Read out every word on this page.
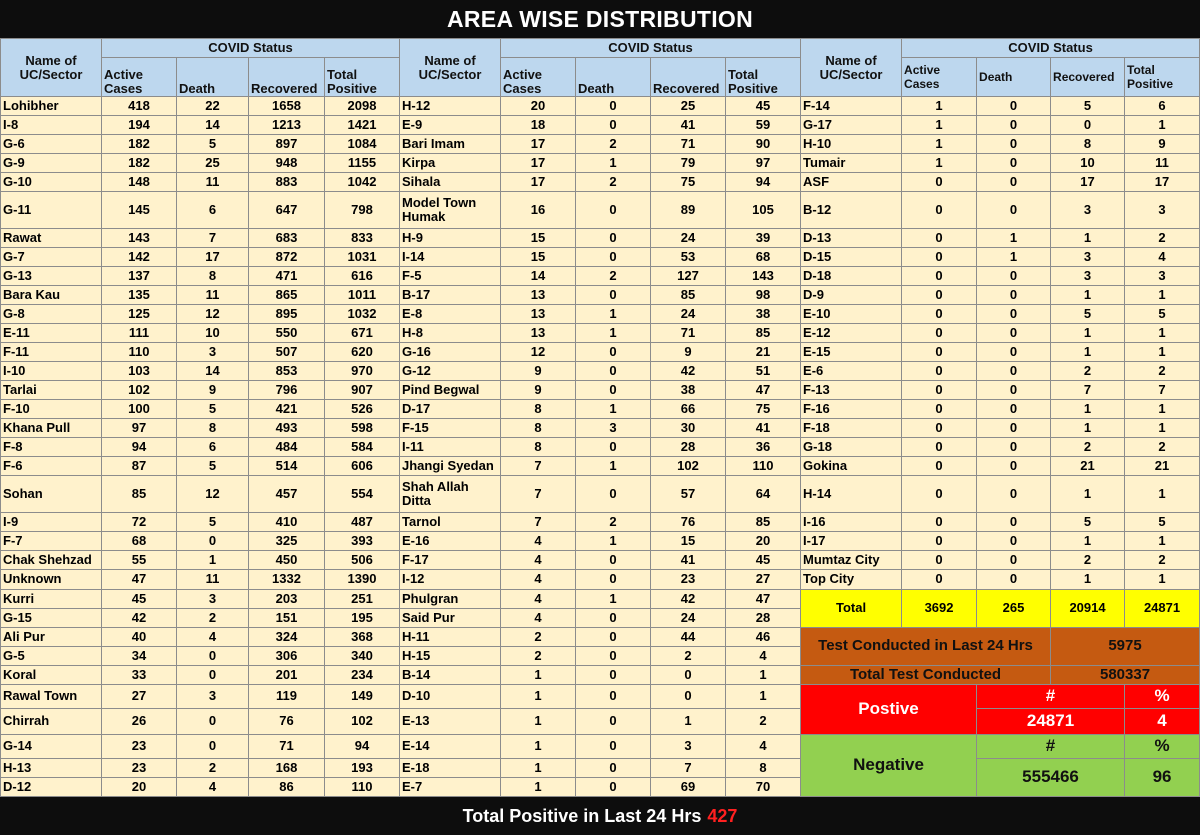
AREA WISE DISTRIBUTION
Name of UC/Sector	COVID Status				Name of UC/Sector	COVID Status				Name of UC/Sector	COVID Status			
	Active Cases	Death	Recovered	Total Positive		Active Cases	Death	Recovered	Total Positive		Active Cases	Death	Recovered	Total Positive
Lohibher	418	22	1658	2098	H-12	20	0	25	45	F-14	1	0	5	6
I-8	194	14	1213	1421	E-9	18	0	41	59	G-17	1	0	0	1
G-6	182	5	897	1084	Bari Imam	17	2	71	90	H-10	1	0	8	9
G-9	182	25	948	1155	Kirpa	17	1	79	97	Tumair	1	0	10	11
G-10	148	11	883	1042	Sihala	17	2	75	94	ASF	0	0	17	17
G-11	145	6	647	798	Model Town Humak	16	0	89	105	B-12	0	0	3	3
Rawat	143	7	683	833	H-9	15	0	24	39	D-13	0	1	1	2
G-7	142	17	872	1031	I-14	15	0	53	68	D-15	0	1	3	4
G-13	137	8	471	616	F-5	14	2	127	143	D-18	0	0	3	3
Bara Kau	135	11	865	1011	B-17	13	0	85	98	D-9	0	0	1	1
G-8	125	12	895	1032	E-8	13	1	24	38	E-10	0	0	5	5
E-11	111	10	550	671	H-8	13	1	71	85	E-12	0	0	1	1
F-11	110	3	507	620	G-16	12	0	9	21	E-15	0	0	1	1
I-10	103	14	853	970	G-12	9	0	42	51	E-6	0	0	2	2
Tarlai	102	9	796	907	Pind Begwal	9	0	38	47	F-13	0	0	7	7
F-10	100	5	421	526	D-17	8	1	66	75	F-16	0	0	1	1
Khana Pull	97	8	493	598	F-15	8	3	30	41	F-18	0	0	1	1
F-8	94	6	484	584	I-11	8	0	28	36	G-18	0	0	2	2
F-6	87	5	514	606	Jhangi Syedan	7	1	102	110	Gokina	0	0	21	21
Sohan	85	12	457	554	Shah Allah Ditta	7	0	57	64	H-14	0	0	1	1
I-9	72	5	410	487	Tarnol	7	2	76	85	I-16	0	0	5	5
F-7	68	0	325	393	E-16	4	1	15	20	I-17	0	0	1	1
Chak Shehzad	55	1	450	506	F-17	4	0	41	45	Mumtaz City	0	0	2	2
Unknown	47	11	1332	1390	I-12	4	0	23	27	Top City	0	0	1	1
Kurri	45	3	203	251	Phulgran	4	1	42	47	Total	3692	265	20914	24871
G-15	42	2	151	195	Said Pur	4	0	24	28					
Ali Pur	40	4	324	368	H-11	2	0	44	46	Test Conducted in Last 24 Hrs			5975	
G-5	34	0	306	340	H-15	2	0	2	4					
Koral	33	0	201	234	B-14	1	0	0	1	Total Test Conducted			580337	
Rawal Town	27	3	119	149	D-10	1	0	0	1	Postive		#		%
Chirrah	26	0	76	102	E-13	1	0	1	2			24871		4
G-14	23	0	71	94	E-14	1	0	3	4	Negative		#		%
H-13	23	2	168	193	E-18	1	0	7	8			555466		96
D-12	20	4	86	110	E-7	1	0	69	70					
Total Positive in Last 24 Hrs 427
